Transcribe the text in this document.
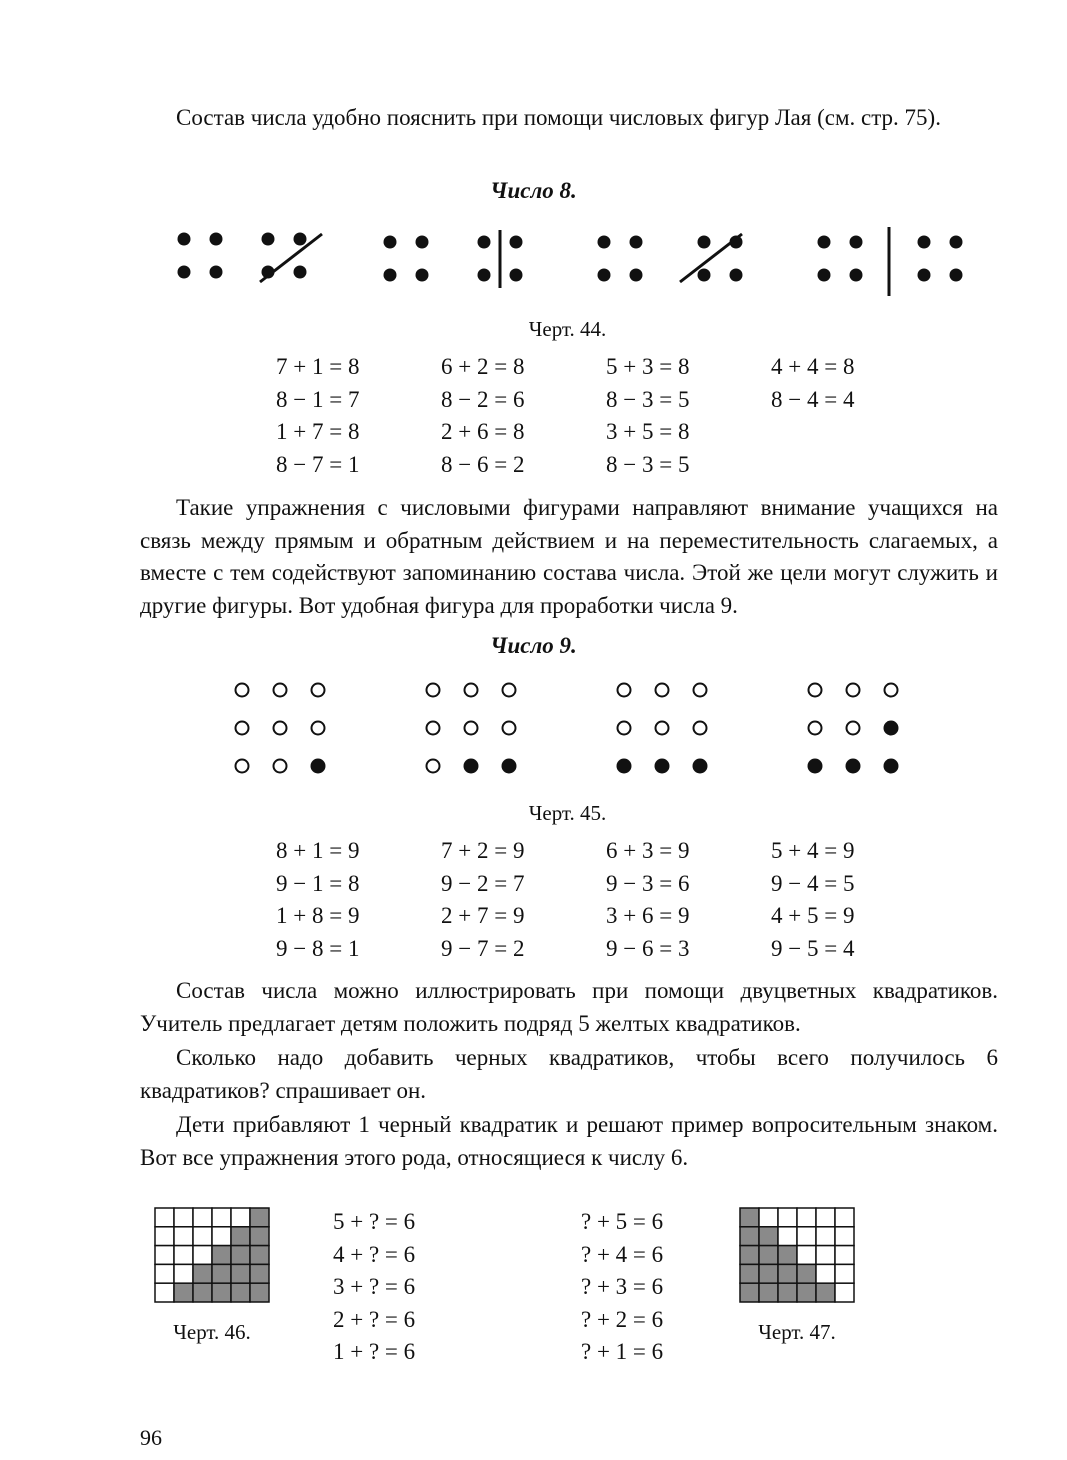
Состав числа удобно пояснить при помощи числовых фигур Лая (см. стр. 75).

Число 8.
Черт. 44.
7 + 1 = 8
8 − 1 = 7
1 + 7 = 8
8 − 7 = 1
6 + 2 = 8
8 − 2 = 6
2 + 6 = 8
8 − 6 = 2
5 + 3 = 8
8 − 3 = 5
3 + 5 = 8
8 − 3 = 5
4 + 4 = 8
8 − 4 = 4

Такие упражнения с числовыми фигурами направляют внимание учащихся на связь между прямым и обратным действием и на переместительность слагаемых, а вместе с тем содействуют запоминанию состава числа. Этой же цели могут служить и другие фигуры. Вот удобная фигура для проработки числа 9.

Число 9.
Черт. 45.
8 + 1 = 9
9 − 1 = 8
1 + 8 = 9
9 − 8 = 1
7 + 2 = 9
9 − 2 = 7
2 + 7 = 9
9 − 7 = 2
6 + 3 = 9
9 − 3 = 6
3 + 6 = 9
9 − 6 = 3
5 + 4 = 9
9 − 4 = 5
4 + 5 = 9
9 − 5 = 4

Состав числа можно иллюстрировать при помощи двуцветных квадратиков. Учитель предлагает детям положить подряд 5 желтых квадратиков.

Сколько надо добавить черных квадратиков, чтобы всего получилось 6 квадратиков? спрашивает он.

Дети прибавляют 1 черный квадратик и решают пример вопросительным знаком. Вот все упражнения этого рода, относящиеся к числу 6.

Черт. 46.
5 + ? = 6
4 + ? = 6
3 + ? = 6
2 + ? = 6
1 + ? = 6
? + 5 = 6
? + 4 = 6
? + 3 = 6
? + 2 = 6
? + 1 = 6
Черт. 47.
96
